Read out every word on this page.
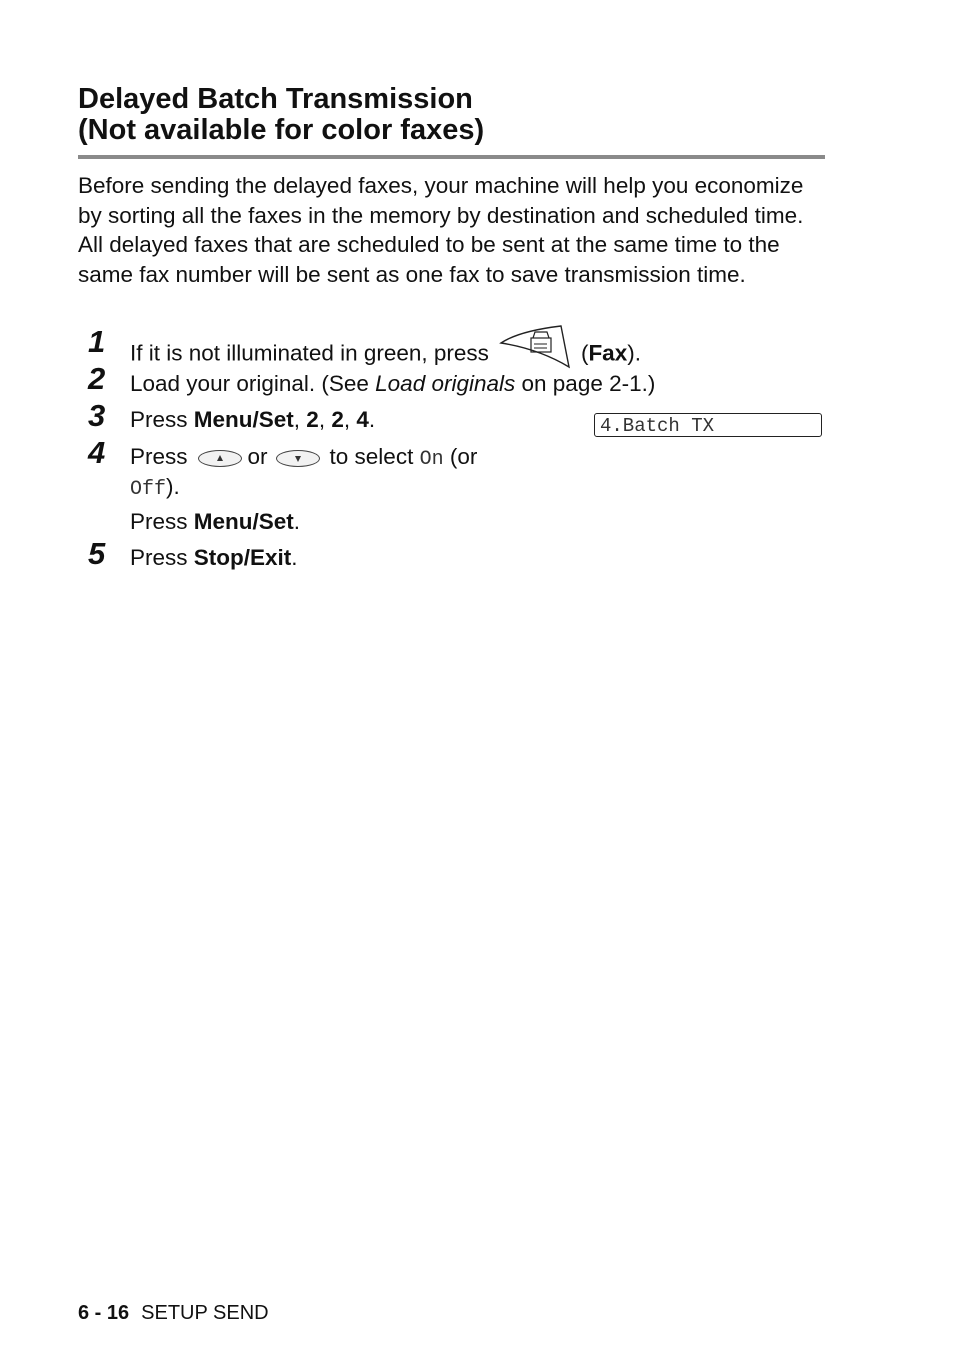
Delayed Batch Transmission
(Not available for color faxes)

Before sending the delayed faxes, your machine will help you economize by sorting all the faxes in the memory by destination and scheduled time. All delayed faxes that are scheduled to be sent at the same time to the same fax number will be sent as one fax to save transmission time.

1 If it is not illuminated in green, press	(Fax).
2 Load your original. (See Load originals on page 2-1.)
3 Press Menu/Set, 2, 2, 4.	4.Batch TX
4 Press	or	to select On (or
Off).
Press Menu/Set.
5 Press Stop/Exit.
6 - 16 SETUP SEND
